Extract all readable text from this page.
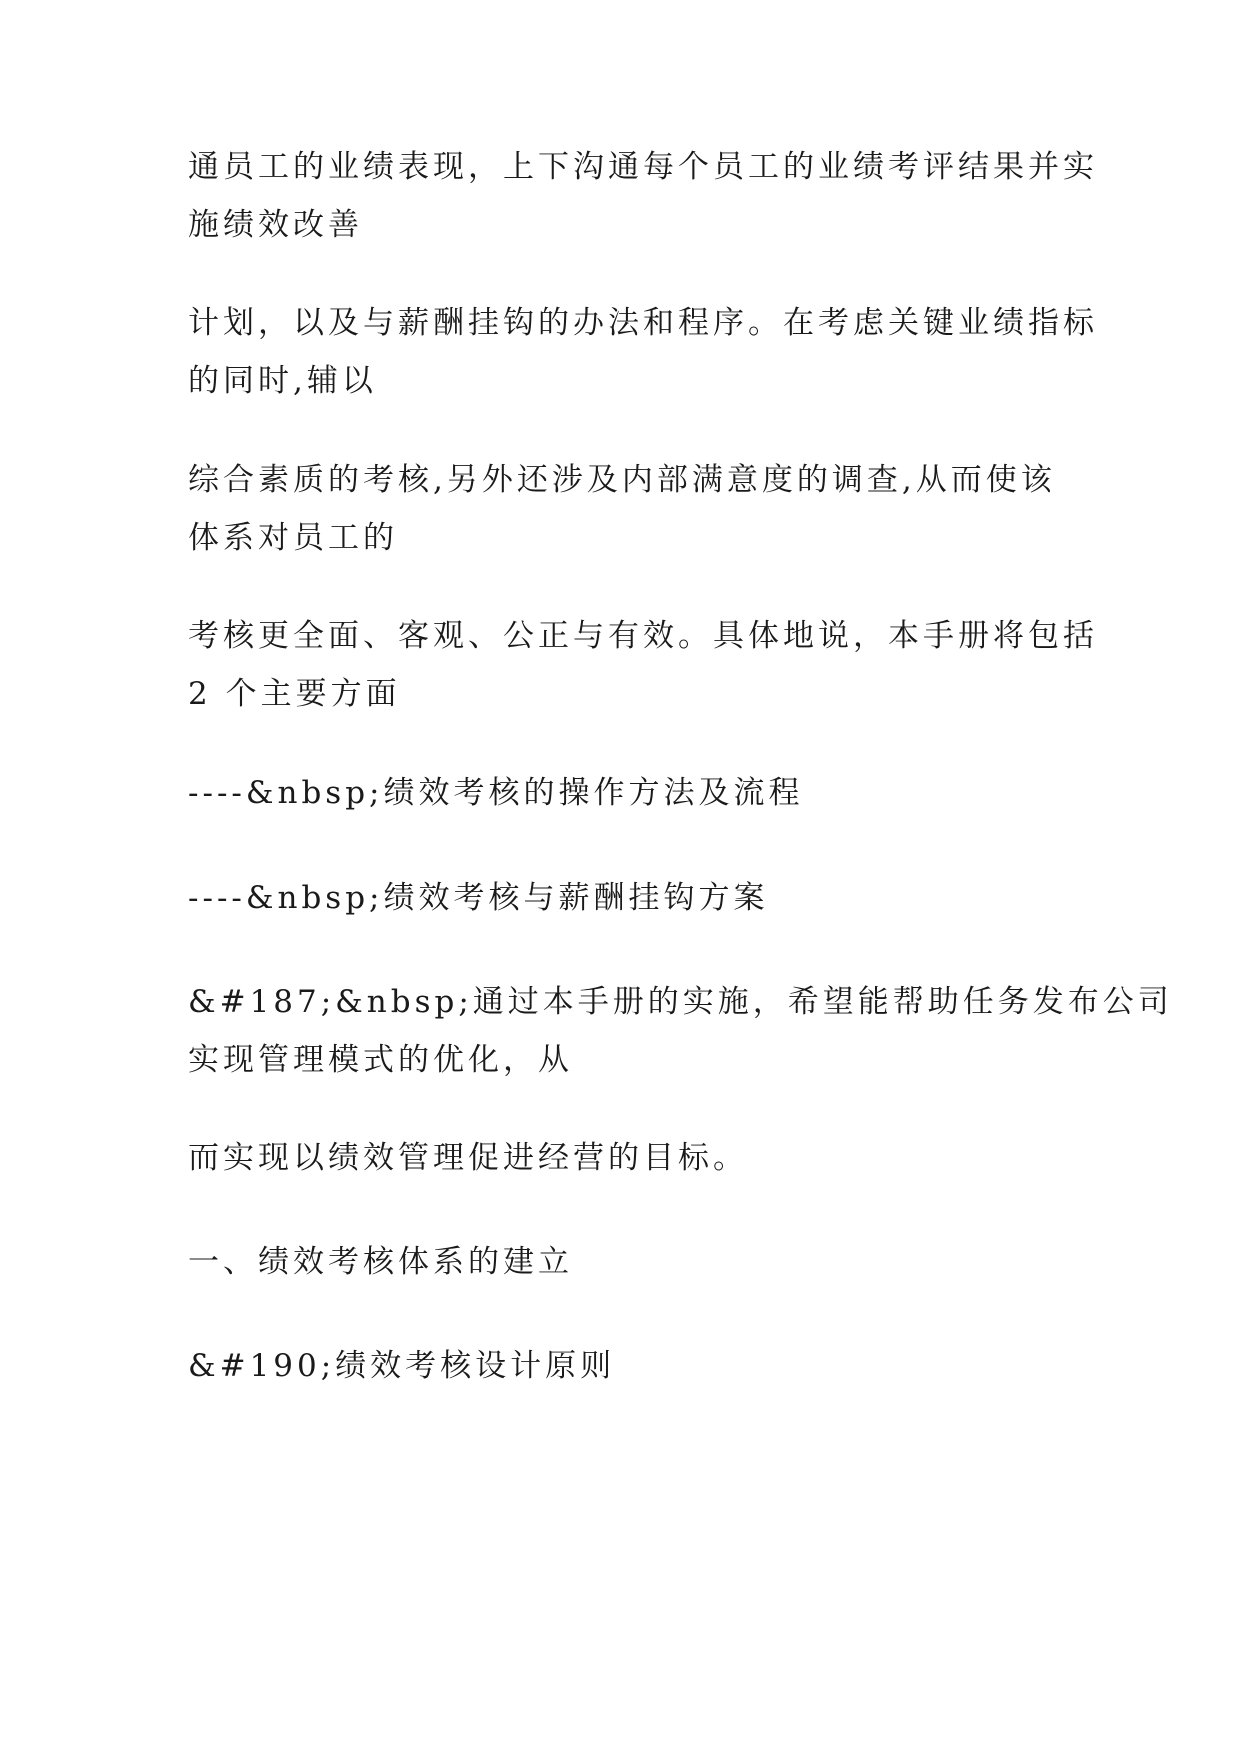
通员工的业绩表现，上下沟通每个员工的业绩考评结果并实
施绩效改善
计划，以及与薪酬挂钩的办法和程序。在考虑关键业绩指标
的同时,辅以
综合素质的考核,另外还涉及内部满意度的调查,从而使该
体系对员工的
考核更全面、客观、公正与有效。具体地说，本手册将包括
2 个主要方面
----&nbsp;绩效考核的操作方法及流程
----&nbsp;绩效考核与薪酬挂钩方案
&#187;&nbsp;通过本手册的实施，希望能帮助任务发布公司
实现管理模式的优化，从
而实现以绩效管理促进经营的目标。
一、绩效考核体系的建立
&#190;绩效考核设计原则
